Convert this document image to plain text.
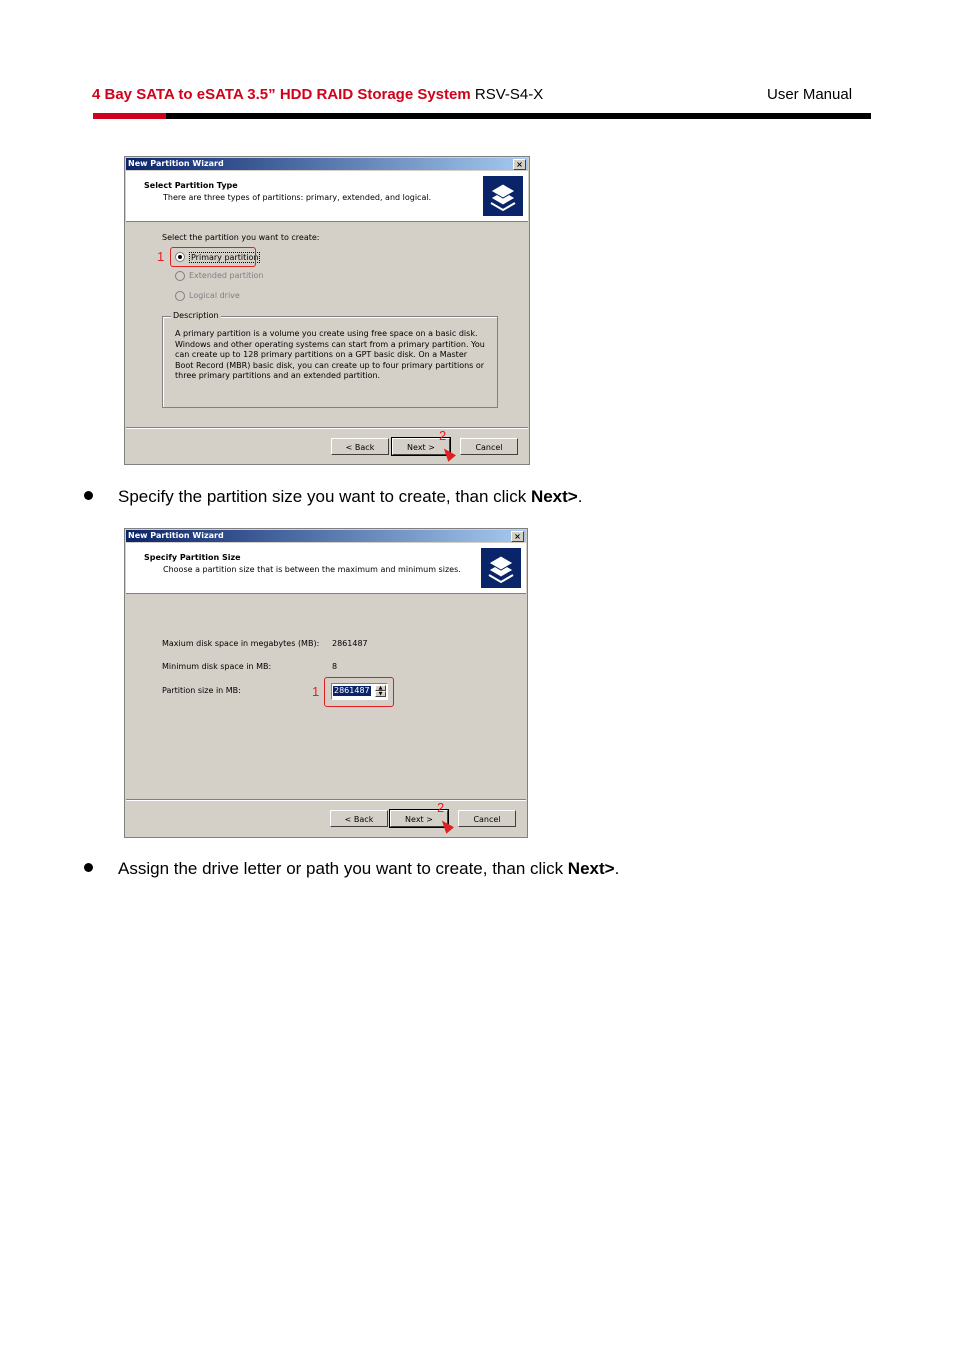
4 Bay SATA to eSATA 3.5” HDD RAID Storage System RSV-S4-X	User Manual
New Partition Wizard	×
Select Partition Type
There are three types of partitions: primary, extended, and logical.
Select the partition you want to create:
Primary partition
Extended partition
Logical drive
Description
A primary partition is a volume you create using free space on a basic disk. Windows and other operating systems can start from a primary partition. You can create up to 128 primary partitions on a GPT basic disk. On a Master Boot Record (MBR) basic disk, you can create up to four primary partitions or three primary partitions and an extended partition.
< Back	Next >	Cancel
1
2
Specify the partition size you want to create, than click Next>.
New Partition Wizard	×
Specify Partition Size
Choose a partition size that is between the maximum and minimum sizes.
Maxium disk space in megabytes (MB): 2861487
Minimum disk space in MB:	8
Partition size in MB:	2861487	▲
▼
< Back	Next >	Cancel
1
2
Assign the drive letter or path you want to create, than click Next>.
